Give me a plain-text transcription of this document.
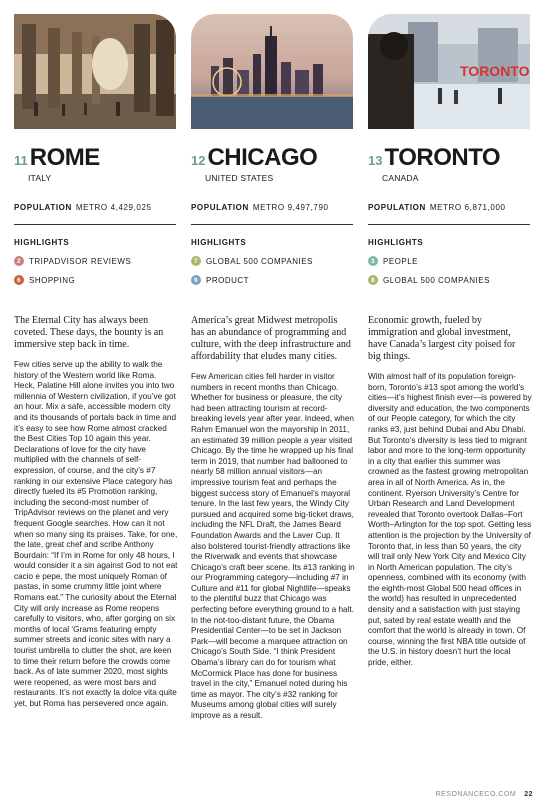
11 ROME
ITALY
POPULATION METRO 4,429,025
HIGHLIGHTS
2 TRIPADVISOR REVIEWS
6 SHOPPING
12 CHICAGO
UNITED STATES
POPULATION METRO 9,497,790
HIGHLIGHTS
7 GLOBAL 500 COMPANIES
9 PRODUCT
TORONTO
13 TORONTO
CANADA
POPULATION METRO 6,871,000
HIGHLIGHTS
3 PEOPLE
8 GLOBAL 500 COMPANIES
The Eternal City has always been coveted. These days, the bounty is an immersive step back in time.
America’s great Midwest metropolis has an abundance of programming and culture, with the deep infrastructure and affordability that eludes many cities.
Economic growth, fueled by immigration and global investment, have Canada’s largest city poised for big things.
Few cities serve up the ability to walk the history of the Western world like Roma. Heck, Palatine Hill alone invites you into two millennia of Western civilization, if you’ve got an hour. Mix a safe, accessible modern city and its thousands of portals back in time and it’s easy to see how Rome almost cracked the Best Cities Top 10 again this year. Declarations of love for the city have multiplied with the channels of self-expression, of course, and the city’s #7 ranking in our extensive Place category has directly fueled its #5 Promotion ranking, including the second-most number of TripAdvisor reviews on the planet and very frequent Google searches. How can it not when so many sing its praises. Take, for one, the late, great chef and scribe Anthony Bourdain: “If I’m in Rome for only 48 hours, I would consider it a sin against God to not eat cacio e pepe, the most uniquely Roman of pastas, in some crummy little joint where Romans eat.” The curiosity about the Eternal City will only increase as Rome reopens carefully to visitors, who, after gorging on six months of local ‘Grams featuring empty summer streets and iconic sites with nary a tourist umbrella to clutter the shot, are keen to time their return before the crowds come back. As of late summer 2020, most sights were reopened, as were most bars and restaurants. It’s not exactly la dolce vita quite yet, but Roma has persevered once again.
Few American cities fell harder in visitor numbers in recent months than Chicago. Whether for business or pleasure, the city had been attracting tourism at record-breaking levels year after year. Indeed, when Rahm Emanuel won the mayorship in 2011, an estimated 39 million people a year visited Chicago. By the time he wrapped up his final term in 2019, that number had ballooned to nearly 58 million annual visitors—an impressive tourism feat and perhaps the biggest success story of Emanuel’s mayoral tenure. In the last few years, the Windy City pursued and acquired some big-ticket draws, including the NFL Draft, the James Beard Foundation Awards and the Laver Cup. It also bolstered tourist-friendly attractions like the Riverwalk and events that showcase Chicago’s craft beer scene. Its #13 ranking in our Programming category—including #7 in Culture and #11 for global Nightlife—speaks to the plentiful buzz that Chicago was perfecting before everything ground to a halt. In the not-too-distant future, the Obama Presidential Center—to be set in Jackson Park—will become a marquee attraction on Chicago’s South Side. “I think President Obama’s library can do for tourism what McCormick Place has done for business travel in the city,” Emanuel noted during his time as mayor. The city’s #32 ranking for Museums among global cities will surely improve as a result.
With almost half of its population foreign-born, Toronto’s #13 spot among the world’s cities—it’s highest finish ever—is powered by diversity and education, the two components of our People category, for which the city ranks #3, just behind Dubai and Abu Dhabi. But Toronto’s diversity is less tied to migrant labor and more to the long-term opportunity in a city that earlier this summer was crowned as the fastest growing metropolitan area in all of North America. As in, the continent. Ryerson University’s Centre for Urban Research and Land Development revealed that Toronto overtook Dallas–Fort Worth–Arlington for the top spot. Getting less attention is the projection by the University of Toronto that, in less than 50 years, the city will trail only New York City and Mexico City in North American population. The city’s openness, combined with its economy (with the eighth-most Global 500 head offices in the world) has resulted in unprecedented density and a satisfaction with just staying put, sated by real estate wealth and the comfort that the world is already in town. Of course, winning the first NBA title outside of the U.S. in history doesn’t hurt the local pride, either.
RESONANCECO.COM 22
